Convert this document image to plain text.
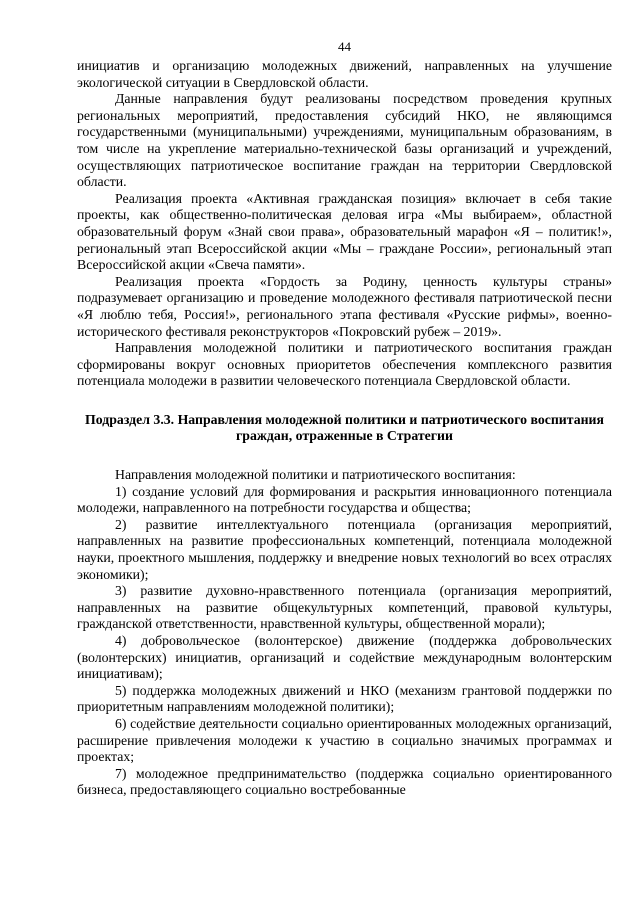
44

инициатив и организацию молодежных движений, направленных на улучшение экологической ситуации в Свердловской области.

Данные направления будут реализованы посредством проведения крупных региональных мероприятий, предоставления субсидий НКО, не являющимся государственными (муниципальными) учреждениями, муниципальным образованиям, в том числе на укрепление материально-технической базы организаций и учреждений, осуществляющих патриотическое воспитание граждан на территории Свердловской области.

Реализация проекта «Активная гражданская позиция» включает в себя такие проекты, как общественно-политическая деловая игра «Мы выбираем», областной образовательный форум «Знай свои права», образовательный марафон «Я – политик!», региональный этап Всероссийской акции «Мы – граждане России», региональный этап Всероссийской акции «Свеча памяти».

Реализация проекта «Гордость за Родину, ценность культуры страны» подразумевает организацию и проведение молодежного фестиваля патриотической песни «Я люблю тебя, Россия!», регионального этапа фестиваля «Русские рифмы», военно-исторического фестиваля реконструкторов «Покровский рубеж – 2019».

Направления молодежной политики и патриотического воспитания граждан сформированы вокруг основных приоритетов обеспечения комплексного развития потенциала молодежи в развитии человеческого потенциала Свердловской области.

Подраздел 3.3. Направления молодежной политики и патриотического воспитания граждан, отраженные в Стратегии

Направления молодежной политики и патриотического воспитания:

1) создание условий для формирования и раскрытия инновационного потенциала молодежи, направленного на потребности государства и общества;

2) развитие интеллектуального потенциала (организация мероприятий, направленных на развитие профессиональных компетенций, потенциала молодежной науки, проектного мышления, поддержку и внедрение новых технологий во всех отраслях экономики);

3) развитие духовно-нравственного потенциала (организация мероприятий, направленных на развитие общекультурных компетенций, правовой культуры, гражданской ответственности, нравственной культуры, общественной морали);

4) добровольческое (волонтерское) движение (поддержка добровольческих (волонтерских) инициатив, организаций и содействие международным волонтерским инициативам);

5) поддержка молодежных движений и НКО (механизм грантовой поддержки по приоритетным направлениям молодежной политики);

6) содействие деятельности социально ориентированных молодежных организаций, расширение привлечения молодежи к участию в социально значимых программах и проектах;

7) молодежное предпринимательство (поддержка социально ориентированного бизнеса, предоставляющего социально востребованные
